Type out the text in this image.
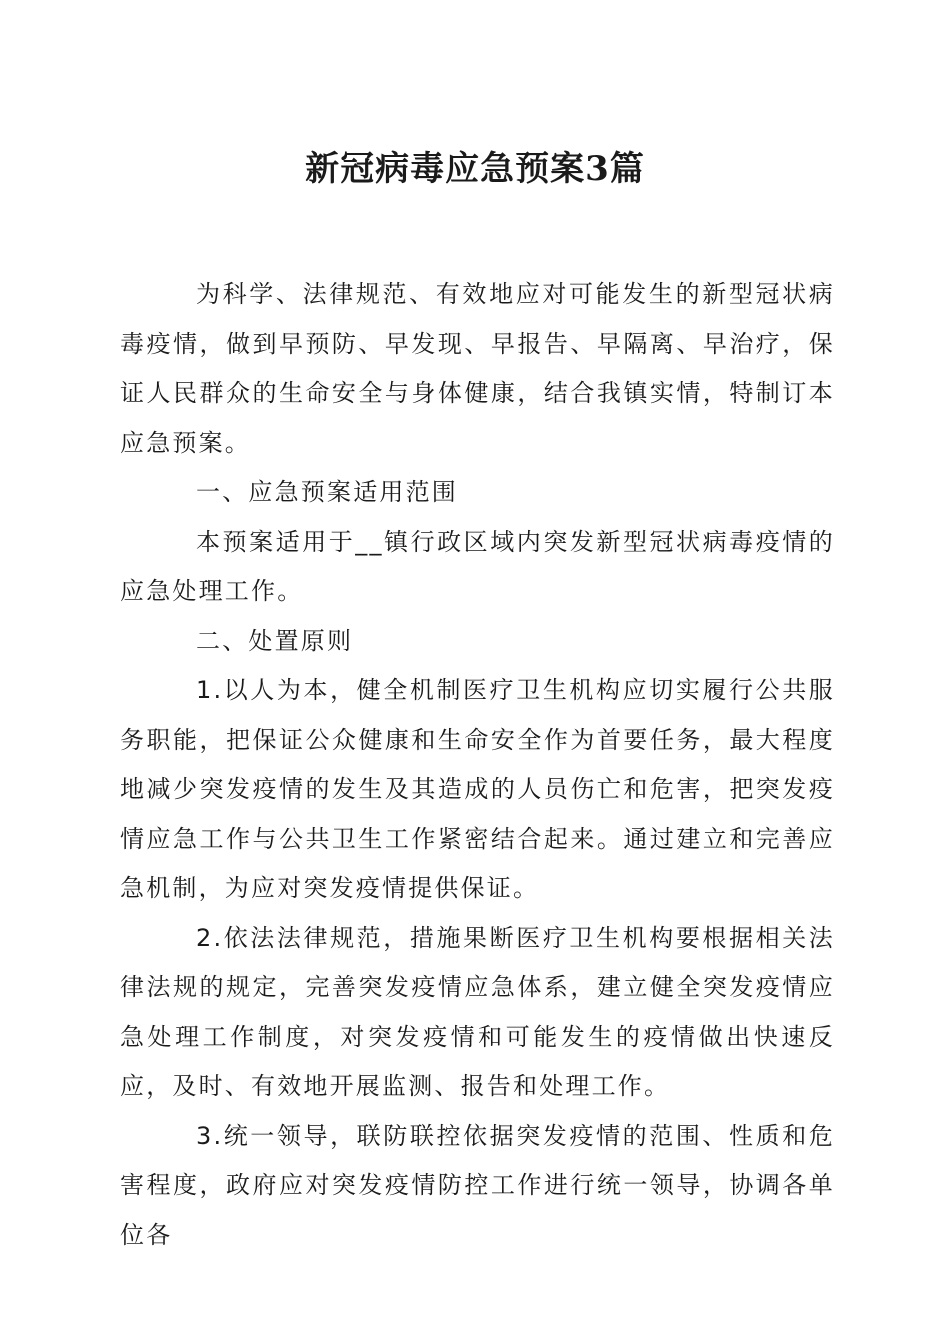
新冠病毒应急预案3篇

为科学、法律规范、有效地应对可能发生的新型冠状病毒疫情，做到早预防、早发现、早报告、早隔离、早治疗，保证人民群众的生命安全与身体健康，结合我镇实情，特制订本应急预案。

一、应急预案适用范围

本预案适用于__镇行政区域内突发新型冠状病毒疫情的应急处理工作。

二、处置原则

1.以人为本，健全机制医疗卫生机构应切实履行公共服务职能，把保证公众健康和生命安全作为首要任务，最大程度地减少突发疫情的发生及其造成的人员伤亡和危害，把突发疫情应急工作与公共卫生工作紧密结合起来。通过建立和完善应急机制，为应对突发疫情提供保证。

2.依法法律规范，措施果断医疗卫生机构要根据相关法律法规的规定，完善突发疫情应急体系，建立健全突发疫情应急处理工作制度，对突发疫情和可能发生的疫情做出快速反应，及时、有效地开展监测、报告和处理工作。

3.统一领导，联防联控依据突发疫情的范围、性质和危害程度，政府应对突发疫情防控工作进行统一领导，协调各单位各
